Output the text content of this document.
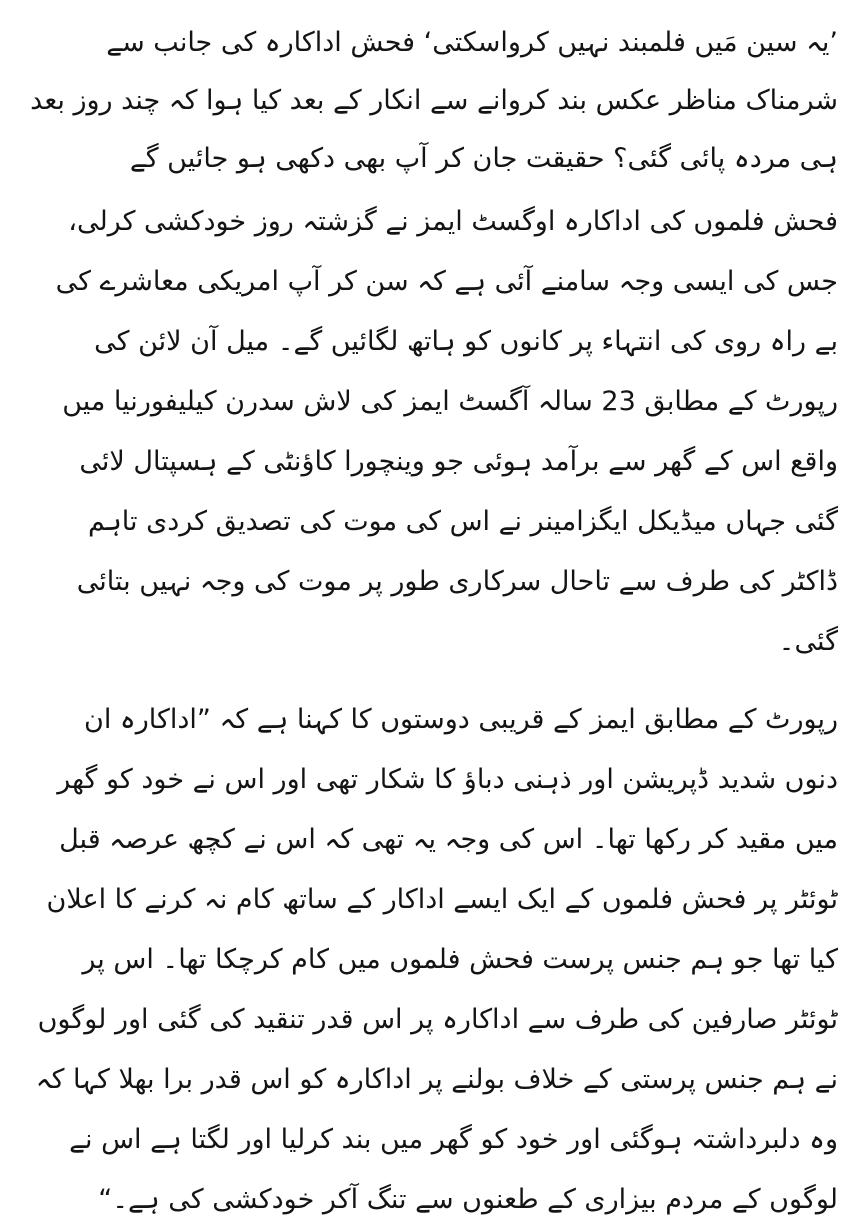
’یہ سین مَیں فلمبند نہیں کرواسکتی‘ فحش اداکارہ کی جانب سے شرمناک مناظر عکس بند کروانے سے انکار کے بعد کیا ہوا کہ چند روز بعد ہی مردہ پائی گئی؟ حقیقت جان کر آپ بھی دکھی ہو جائیں گے

فحش فلموں کی اداکارہ اوگسٹ ایمز نے گزشتہ روز خودکشی کرلی، جس کی ایسی وجہ سامنے آئی ہے کہ سن کر آپ امریکی معاشرے کی بے راہ روی کی انتہاء پر کانوں کو ہاتھ لگائیں گے۔ میل آن لائن کی رپورٹ کے مطابق 23 سالہ آگسٹ ایمز کی لاش سدرن کیلیفورنیا میں واقع اس کے گھر سے برآمد ہوئی جو وینچورا کاﺅنٹی کے ہسپتال لائی گئی جہاں میڈیکل ایگزامینر نے اس کی موت کی تصدیق کردی تاہم ڈاکٹر کی طرف سے تاحال سرکاری طور پر موت کی وجہ نہیں بتائی گئی۔

رپورٹ کے مطابق ایمز کے قریبی دوستوں کا کہنا ہے کہ ”اداکارہ ان دنوں شدید ڈپریشن اور ذہنی دباﺅ کا شکار تھی اور اس نے خود کو گھر میں مقید کر رکھا تھا۔ اس کی وجہ یہ تھی کہ اس نے کچھ عرصہ قبل ٹوئٹر پر فحش فلموں کے ایک ایسے اداکار کے ساتھ کام نہ کرنے کا اعلان کیا تھا جو ہم جنس پرست فحش فلموں میں کام کرچکا تھا۔ اس پر ٹوئٹر صارفین کی طرف سے اداکارہ پر اس قدر تنقید کی گئی اور لوگوں نے ہم جنس پرستی کے خلاف بولنے پر اداکارہ کو اس قدر برا بھلا کہا کہ وہ دلبرداشتہ ہوگئی اور خود کو گھر میں بند کرلیا اور لگتا ہے اس نے لوگوں کے مردم بیزاری کے طعنوں سے تنگ آکر خودکشی کی ہے۔“
